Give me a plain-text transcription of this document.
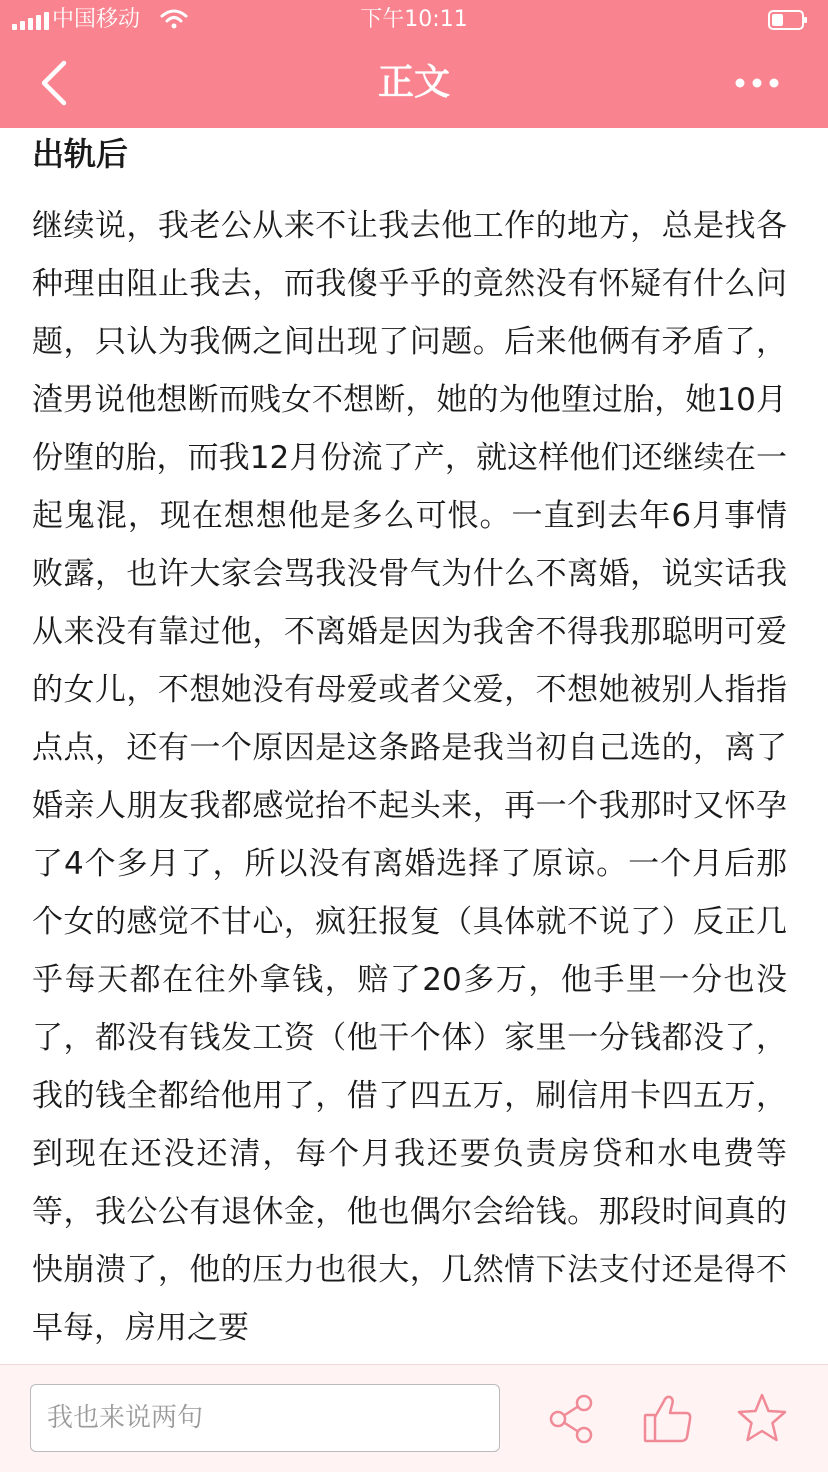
中国移动	下午10:11
正文
出轨后

继续说，我老公从来不让我去他工作的地方，总是找各种理由阻止我去，而我傻乎乎的竟然没有怀疑有什么问题，只认为我俩之间出现了问题。后来他俩有矛盾了，渣男说他想断而贱女不想断，她的为他堕过胎，她10月份堕的胎，而我12月份流了产，就这样他们还继续在一起鬼混，现在想想他是多么可恨。一直到去年6月事情败露，也许大家会骂我没骨气为什么不离婚，说实话我从来没有靠过他，不离婚是因为我舍不得我那聪明可爱的女儿，不想她没有母爱或者父爱，不想她被别人指指点点，还有一个原因是这条路是我当初自己选的，离了婚亲人朋友我都感觉抬不起头来，再一个我那时又怀孕了4个多月了，所以没有离婚选择了原谅。一个月后那个女的感觉不甘心，疯狂报复（具体就不说了）反正几乎每天都在往外拿钱，赔了20多万，他手里一分也没了，都没有钱发工资（他干个体）家里一分钱都没了，我的钱全都给他用了，借了四五万，刷信用卡四五万，到现在还没还清，每个月我还要负责房贷和水电费等等，我公公有退休金，他也偶尔会给钱。那段时间真的快崩溃了，他的压力也很大，几然情下法支付还是得不早每，房用之要

我也来说两句
